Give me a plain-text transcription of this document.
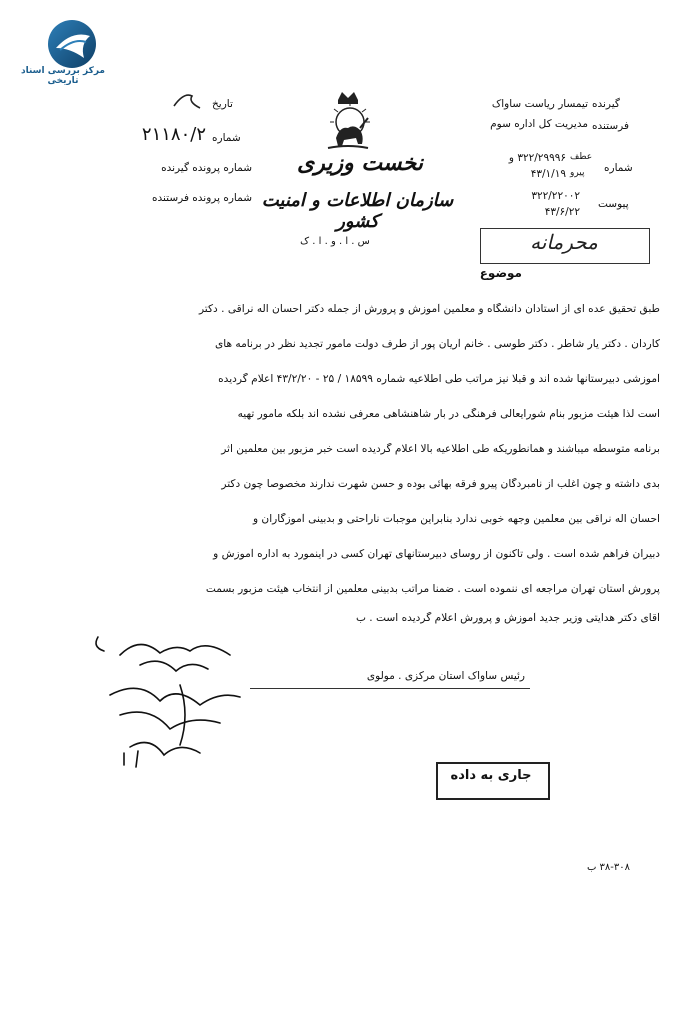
مرکز بررسی اسناد تاریخی
گیرنده
تیمسار ریاست ساواک
فرستنده
مدیریت کل اداره سوم
شماره
عطف
۳۲۲/۲۹۹۹۶ و
پیرو
۴۳/۱/۱۹
پیوست
۳۲۲/۲۲۰۰۲
۴۳/۶/۲۲
تاریخ
شماره
۲۱۱۸۰/۲
شماره پرونده گیرنده
شماره پرونده فرستنده
نخست وزیری
سازمان اطلاعات و امنیت کشور
س . ا . و . ا . ک	محرمانه
موضوع
طبق تحقیق عده ای از استادان دانشگاه و معلمین آموزش و پرورش از جمله دکتر احسان اله نراقی . دکتر
کاردان . دکتر یار شاطر . دکتر طوسی . خانم آریان پور از طرف دولت مامور تجدید نظر در برنامه های
آموزشی دبیرستانها شده اند و قبلا نیز مراتب طی اطلاعیه شماره ۱۸۵۹۹ / ۲۵ - ۴۳/۲/۲۰ اعلام گردیده
است لذا هیئت مزبور بنام شورایعالی فرهنگی در بار شاهنشاهی معرفی نشده اند بلکه مامور تهیه
برنامه متوسطه میباشند و همانطوریکه طی اطلاعیه بالا اعلام گردیده است خبر مزبور بین معلمین اثر
بدی داشته و چون اغلب از نامبردگان پیرو فرقه بهائی بوده و حسن شهرت ندارند مخصوصا چون دکتر
احسان اله نراقی بین معلمین وجهه خوبی ندارد بنابراین موجبات ناراحتی و بدبینی آموزگاران و
دبیران فراهم شده است . ولی تاکنون از روسای دبیرستانهای تهران کسی در اینمورد به اداره آموزش و
پرورش استان تهران مراجعه ای ننموده است . ضمنا مراتب بدبینی معلمین از انتخاب هیئت مزبور بسمت
آقای دکتر هدایتی وزیر جدید آموزش و پرورش اعلام گردیده است . ب
رئیس ساواک استان مرکزی . مولوی
جاری به داده
۳۸-۳۰۸ ب
